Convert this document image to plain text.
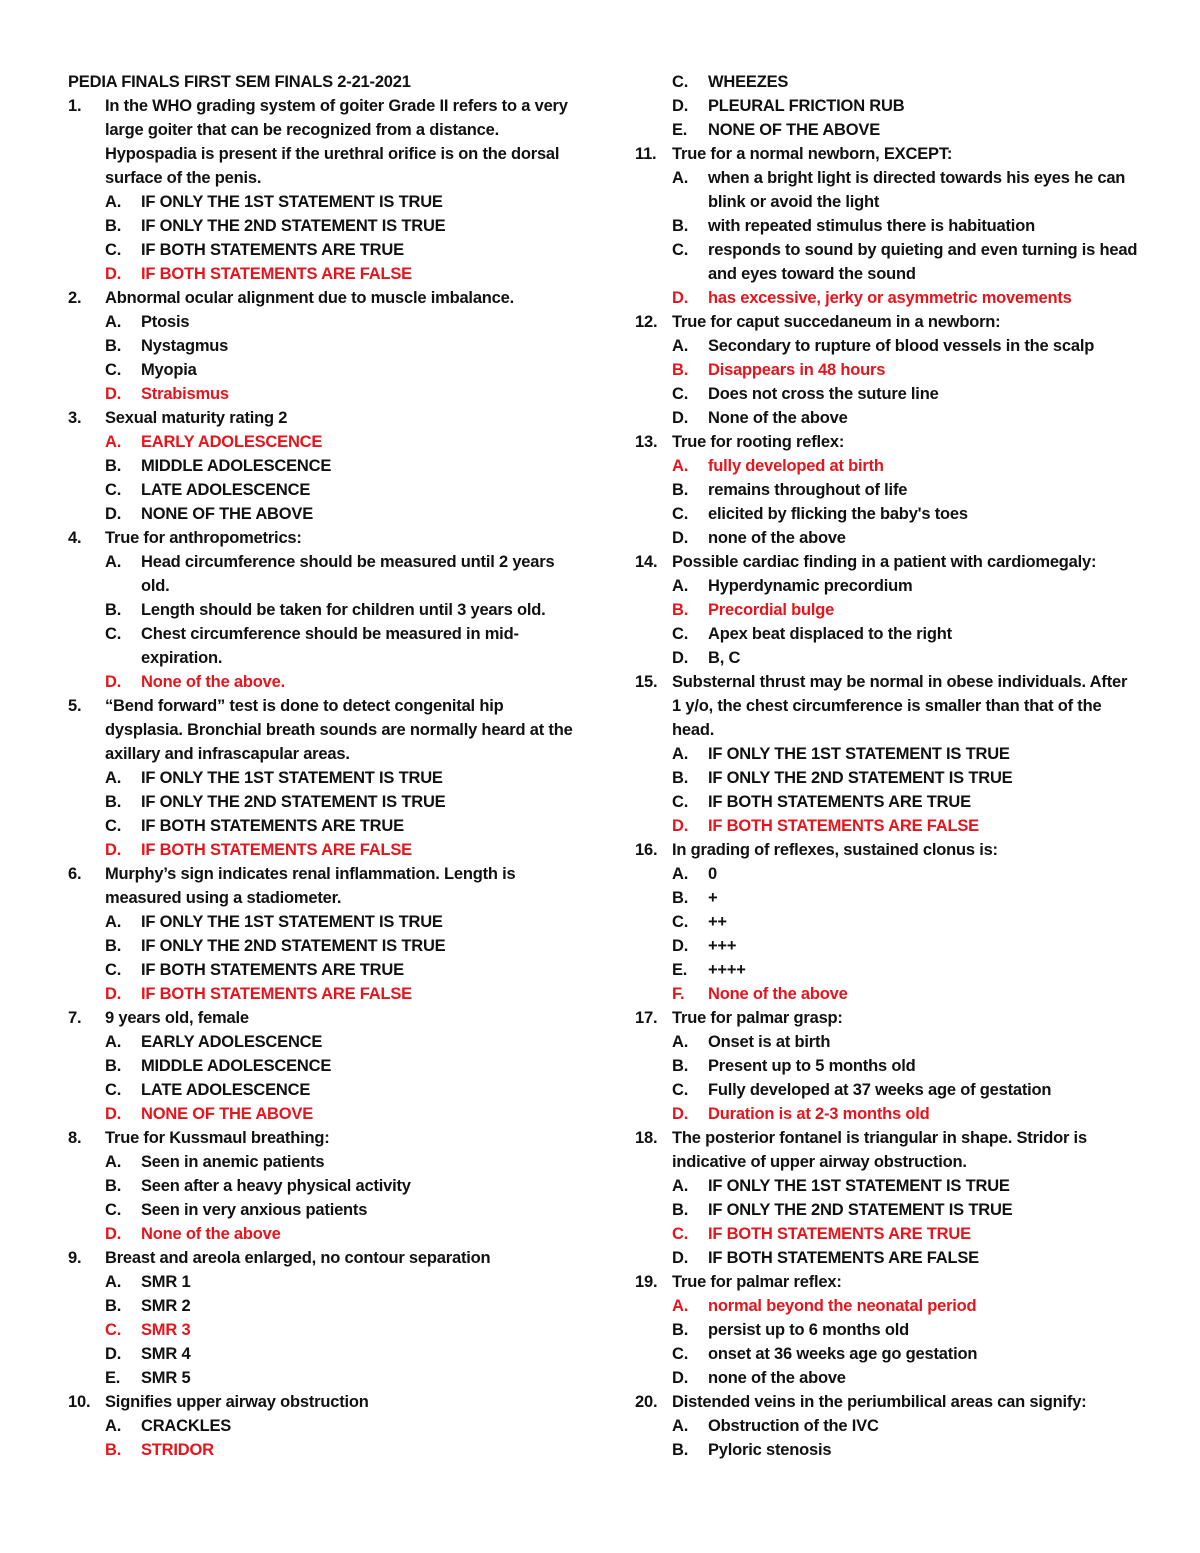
PEDIA FINALS FIRST SEM FINALS 2-21-2021
1. In the WHO grading system of goiter Grade II refers to a very large goiter that can be recognized from a distance. Hypospadia is present if the urethral orifice is on the dorsal surface of the penis.
A. IF ONLY THE 1ST STATEMENT IS TRUE
B. IF ONLY THE 2ND STATEMENT IS TRUE
C. IF BOTH STATEMENTS ARE TRUE
D. IF BOTH STATEMENTS ARE FALSE
2. Abnormal ocular alignment due to muscle imbalance.
A. Ptosis
B. Nystagmus
C. Myopia
D. Strabismus
3. Sexual maturity rating 2
A. EARLY ADOLESCENCE
B. MIDDLE ADOLESCENCE
C. LATE ADOLESCENCE
D. NONE OF THE ABOVE
4. True for anthropometrics:
A. Head circumference should be measured until 2 years old.
B. Length should be taken for children until 3 years old.
C. Chest circumference should be measured in mid-expiration.
D. None of the above.
5. “Bend forward” test is done to detect congenital hip dysplasia. Bronchial breath sounds are normally heard at the axillary and infrascapular areas.
A. IF ONLY THE 1ST STATEMENT IS TRUE
B. IF ONLY THE 2ND STATEMENT IS TRUE
C. IF BOTH STATEMENTS ARE TRUE
D. IF BOTH STATEMENTS ARE FALSE
6. Murphy’s sign indicates renal inflammation. Length is measured using a stadiometer.
A. IF ONLY THE 1ST STATEMENT IS TRUE
B. IF ONLY THE 2ND STATEMENT IS TRUE
C. IF BOTH STATEMENTS ARE TRUE
D. IF BOTH STATEMENTS ARE FALSE
7. 9 years old, female
A. EARLY ADOLESCENCE
B. MIDDLE ADOLESCENCE
C. LATE ADOLESCENCE
D. NONE OF THE ABOVE
8. True for Kussmaul breathing:
A. Seen in anemic patients
B. Seen after a heavy physical activity
C. Seen in very anxious patients
D. None of the above
9. Breast and areola enlarged, no contour separation
A. SMR 1
B. SMR 2
C. SMR 3
D. SMR 4
E. SMR 5
10. Signifies upper airway obstruction
A. CRACKLES
B. STRIDOR
C. WHEEZES
D. PLEURAL FRICTION RUB
E. NONE OF THE ABOVE
11. True for a normal newborn, EXCEPT:
A. when a bright light is directed towards his eyes he can blink or avoid the light
B. with repeated stimulus there is habituation
C. responds to sound by quieting and even turning is head and eyes toward the sound
D. has excessive, jerky or asymmetric movements
12. True for caput succedaneum in a newborn:
A. Secondary to rupture of blood vessels in the scalp
B. Disappears in 48 hours
C. Does not cross the suture line
D. None of the above
13. True for rooting reflex:
A. fully developed at birth
B. remains throughout of life
C. elicited by flicking the baby's toes
D. none of the above
14. Possible cardiac finding in a patient with cardiomegaly:
A. Hyperdynamic precordium
B. Precordial bulge
C. Apex beat displaced to the right
D. B, C
15. Substernal thrust may be normal in obese individuals. After 1 y/o, the chest circumference is smaller than that of the head.
A. IF ONLY THE 1ST STATEMENT IS TRUE
B. IF ONLY THE 2ND STATEMENT IS TRUE
C. IF BOTH STATEMENTS ARE TRUE
D. IF BOTH STATEMENTS ARE FALSE
16. In grading of reflexes, sustained clonus is:
A. 0
B. +
C. ++
D. +++
E. ++++
F. None of the above
17. True for palmar grasp:
A. Onset is at birth
B. Present up to 5 months old
C. Fully developed at 37 weeks age of gestation
D. Duration is at 2-3 months old
18. The posterior fontanel is triangular in shape. Stridor is indicative of upper airway obstruction.
A. IF ONLY THE 1ST STATEMENT IS TRUE
B. IF ONLY THE 2ND STATEMENT IS TRUE
C. IF BOTH STATEMENTS ARE TRUE
D. IF BOTH STATEMENTS ARE FALSE
19. True for palmar reflex:
A. normal beyond the neonatal period
B. persist up to 6 months old
C. onset at 36 weeks age go gestation
D. none of the above
20. Distended veins in the periumbilical areas can signify:
A. Obstruction of the IVC
B. Pyloric stenosis
